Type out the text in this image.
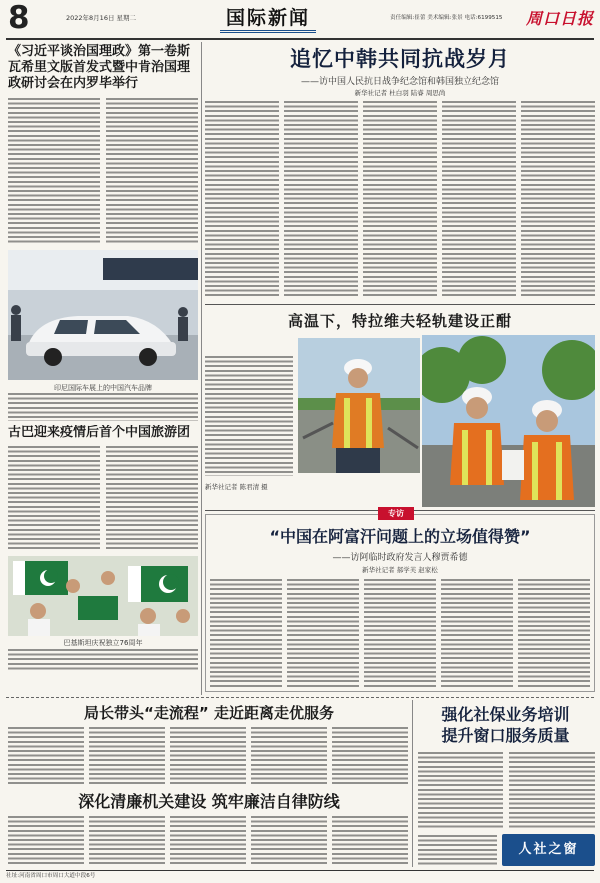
8	2022年8月16日 星期二	国际新闻	责任编辑:崔蕾 美术编辑:张景 电话:6199515	周口日报
《习近平谈治国理政》第一卷斯瓦希里文版首发式暨中肯治国理政研讨会在内罗毕举行
印尼国际车展上的中国汽车品牌
古巴迎来疫情后首个中国旅游团
巴基斯坦庆祝独立76周年
追忆中韩共同抗战岁月
——访中国人民抗日战争纪念馆和韩国独立纪念馆
新华社记者 杜白羽 陆睿 周思尚
高温下，特拉维夫轻轨建设正酣
新华社记者 陈君清 摄
专访
“中国在阿富汗问题上的立场值得赞”
——访阿临时政府发言人穆贾希德
新华社记者 郝学芙 赵家松
局长带头“走流程” 走近距离走优服务
深化清廉机关建设 筑牢廉洁自律防线
强化社保业务培训
提升窗口服务质量
人社之窗
社址:河南省周口市周口大道中段6号
